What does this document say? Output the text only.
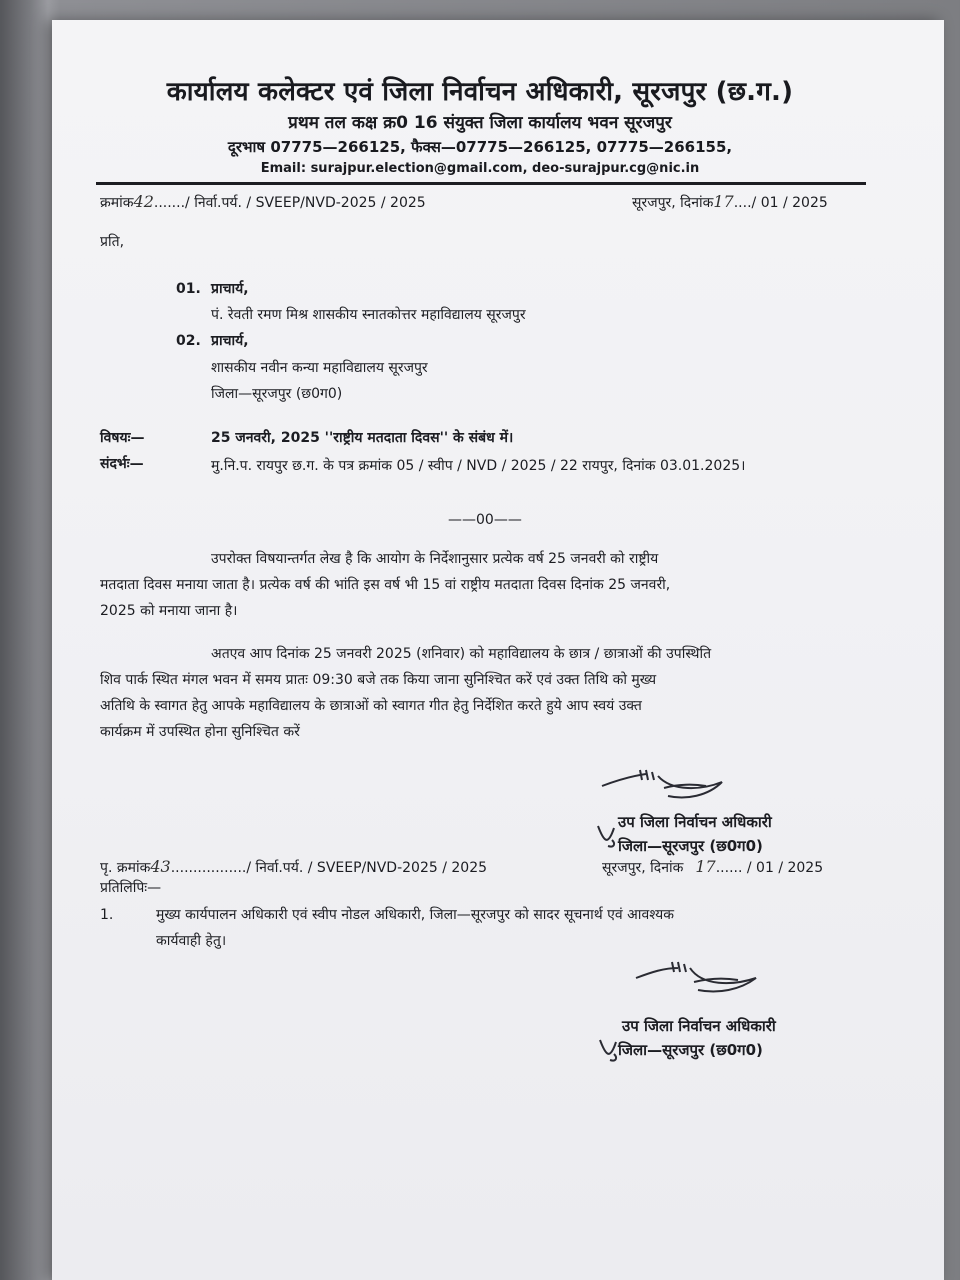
कार्यालय कलेक्टर एवं जिला निर्वाचन अधिकारी, सूरजपुर (छ.ग.)
प्रथम तल कक्ष क्र0 16 संयुक्त जिला कार्यालय भवन सूरजपुर
दूरभाष 07775—266125, फैक्स—07775—266125, 07775—266155,
Email: surajpur.election@gmail.com, deo-surajpur.cg@nic.in
क्रमांक42......./ निर्वा.पर्य. / SVEEP/NVD-2025 / 2025	सूरजपुर, दिनांक17..../ 01 / 2025
प्रति,
01. प्राचार्य,
पं. रेवती रमण मिश्र शासकीय स्नातकोत्तर महाविद्यालय सूरजपुर
02. प्राचार्य,
शासकीय नवीन कन्या महाविद्यालय सूरजपुर
जिला—सूरजपुर (छ0ग0)
विषयः—	25 जनवरी, 2025 ''राष्ट्रीय मतदाता दिवस'' के संबंध में।
संदर्भः—	मु.नि.प. रायपुर छ.ग. के पत्र क्रमांक 05 / स्वीप / NVD / 2025 / 22 रायपुर, दिनांक 03.01.2025।
——00——
उपरोक्त विषयान्तर्गत लेख है कि आयोग के निर्देशानुसार प्रत्येक वर्ष 25 जनवरी को राष्ट्रीय
मतदाता दिवस मनाया जाता है। प्रत्येक वर्ष की भांति इस वर्ष भी 15 वां राष्ट्रीय मतदाता दिवस दिनांक 25 जनवरी,
2025 को मनाया जाना है।
अतएव आप दिनांक 25 जनवरी 2025 (शनिवार) को महाविद्यालय के छात्र / छात्राओं की उपस्थिति
शिव पार्क स्थित मंगल भवन में समय प्रातः 09:30 बजे तक किया जाना सुनिश्चित करें एवं उक्त तिथि को मुख्य
अतिथि के स्वागत हेतु आपके महाविद्यालय के छात्राओं को स्वागत गीत हेतु निर्देशित करते हुये आप स्वयं उक्त
कार्यक्रम में उपस्थित होना सुनिश्चित करें
उप जिला निर्वाचन अधिकारी
जिला—सूरजपुर (छ0ग0)
पृ. क्रमांक43................./ निर्वा.पर्य. / SVEEP/NVD-2025 / 2025	सूरजपुर, दिनांक 17...... / 01 / 2025
प्रतिलिपिः—
1.	मुख्य कार्यपालन अधिकारी एवं स्वीप नोडल अधिकारी, जिला—सूरजपुर को सादर सूचनार्थ एवं आवश्यक
कार्यवाही हेतु।
उप जिला निर्वाचन अधिकारी
जिला—सूरजपुर (छ0ग0)
